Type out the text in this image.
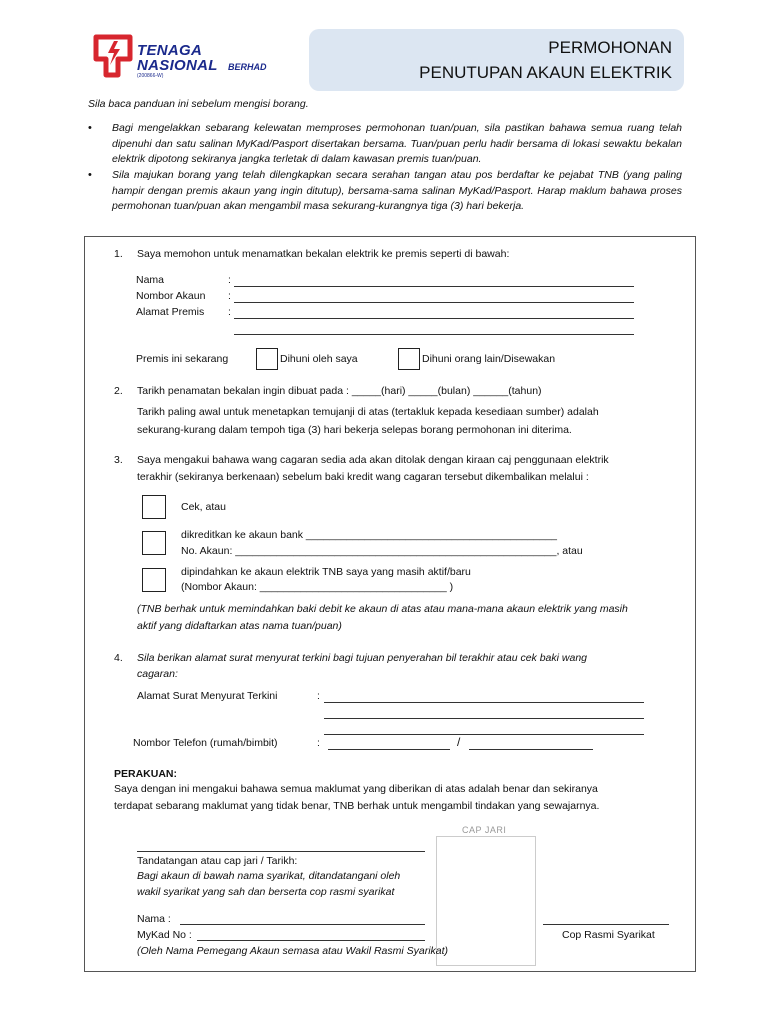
TENAGA
NASIONAL BERHAD
(200866-W)
PERMOHONAN
PENUTUPAN AKAUN ELEKTRIK
Sila baca panduan ini sebelum mengisi borang.
• Bagi mengelakkan sebarang kelewatan memproses permohonan tuan/puan, sila pastikan bahawa semua ruang telah dipenuhi dan satu salinan MyKad/Pasport disertakan bersama. Tuan/puan perlu hadir bersama di lokasi sewaktu bekalan elektrik dipotong sekiranya jangka terletak di dalam kawasan premis tuan/puan.
• Sila majukan borang yang telah dilengkapkan secara serahan tangan atau pos berdaftar ke pejabat TNB (yang paling hampir dengan premis akaun yang ingin ditutup), bersama-sama salinan MyKad/Pasport. Harap maklum bahawa proses permohonan tuan/puan akan mengambil masa sekurang-kurangnya tiga (3) hari bekerja.
1. Saya memohon untuk menamatkan bekalan elektrik ke premis seperti di bawah:
Nama	:
Nombor Akaun :
Alamat Premis :
Premis ini sekarang	Dihuni oleh saya	Dihuni orang lain/Disewakan
2. Tarikh penamatan bekalan ingin dibuat pada : _____(hari) _____(bulan) ______(tahun)
Tarikh paling awal untuk menetapkan temujanji di atas (tertakluk kepada kesediaan sumber) adalah
sekurang-kurang dalam tempoh tiga (3) hari bekerja selepas borang permohonan ini diterima.
3. Saya mengakui bahawa wang cagaran sedia ada akan ditolak dengan kiraan caj penggunaan elektrik
terakhir (sekiranya berkenaan) sebelum baki kredit wang cagaran tersebut dikembalikan melalui :
Cek, atau
dikreditkan ke akaun bank ___________________________________________
No. Akaun: _______________________________________________________, atau
dipindahkan ke akaun elektrik TNB saya yang masih aktif/baru
(Nombor Akaun: ________________________________ )
(TNB berhak untuk memindahkan baki debit ke akaun di atas atau mana-mana akaun elektrik yang masih
aktif yang didaftarkan atas nama tuan/puan)
4. Sila berikan alamat surat menyurat terkini bagi tujuan penyerahan bil terakhir atau cek baki wang
cagaran:
Alamat Surat Menyurat Terkini	:
Nombor Telefon (rumah/bimbit)	:	/
PERAKUAN:
Saya dengan ini mengakui bahawa semua maklumat yang diberikan di atas adalah benar dan sekiranya
terdapat sebarang maklumat yang tidak benar, TNB berhak untuk mengambil tindakan yang sewajarnya.
CAP JARI
Tandatangan atau cap jari / Tarikh:
Bagi akaun di bawah nama syarikat, ditandatangani oleh
wakil syarikat yang sah dan berserta cop rasmi syarikat
Nama :
MyKad No :
(Oleh Nama Pemegang Akaun semasa atau Wakil Rasmi Syarikat)
Cop Rasmi Syarikat
